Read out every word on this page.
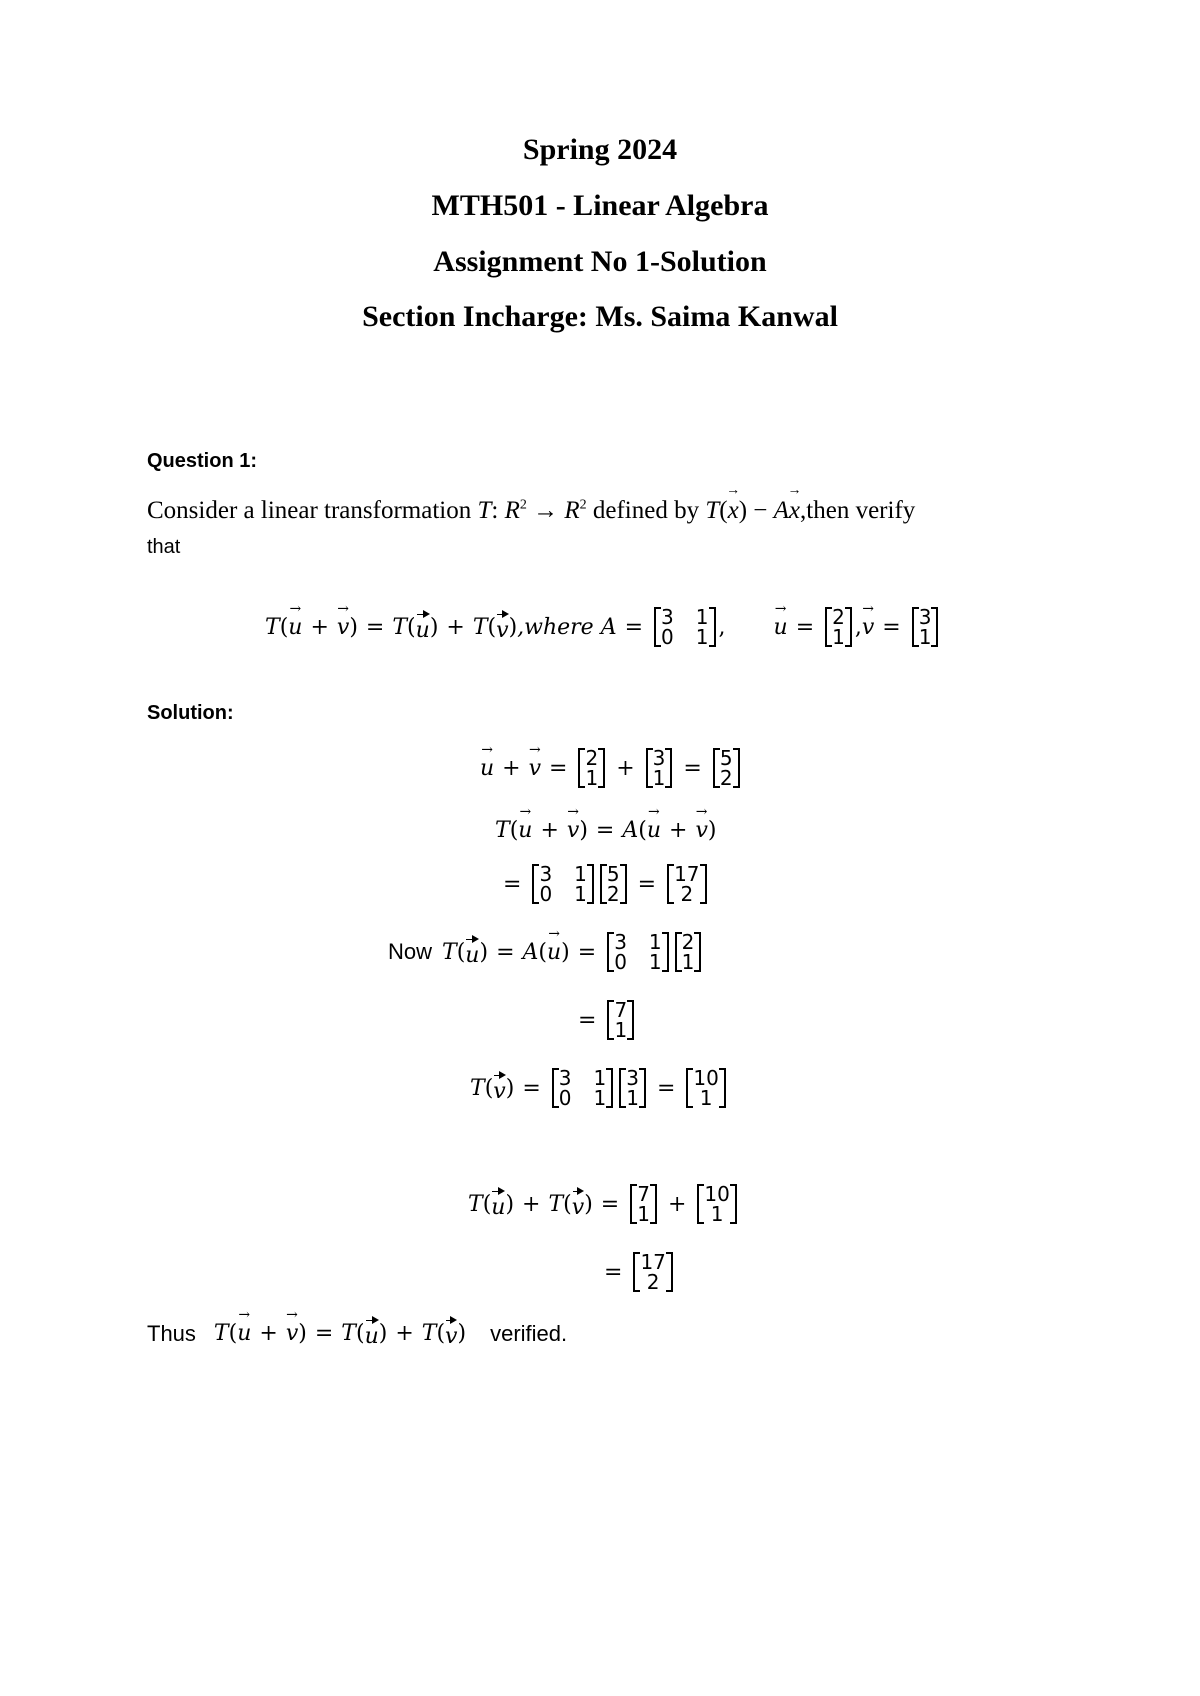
Spring 2024
MTH501 - Linear Algebra
Assignment No 1-Solution
Section Incharge: Ms. Saima Kanwal
Question 1:
Consider a linear transformation T: $R^2 \to R^2$ defined by T(x
→
) − Ax
→
,then verify
that
T ( u
→
+ v
→
) = T ( u ) + T ( v ) ,where
A = 3
0
1
1 , u
→
= 2
1 , v
→
= 3
1
Solution:
u
→
+ v
→
= 2
1 + 3
1 = 5
2
T ( u
→
+ v
→
) = A ( u
→
+ v
→
)
= 3
0
1
1
5
2 = 17
2
Now T ( u ) = A ( u
→
) = 3
0
1
1
2
1
= 7
1
T ( v ) = 3
0
1
1
3
1 = 10
1
T ( u ) + T ( v ) = 7
1 + 10
1
= 17
2
Thus T ( u
→
+ v
→
) = T ( u ) + T ( v ) verified.
